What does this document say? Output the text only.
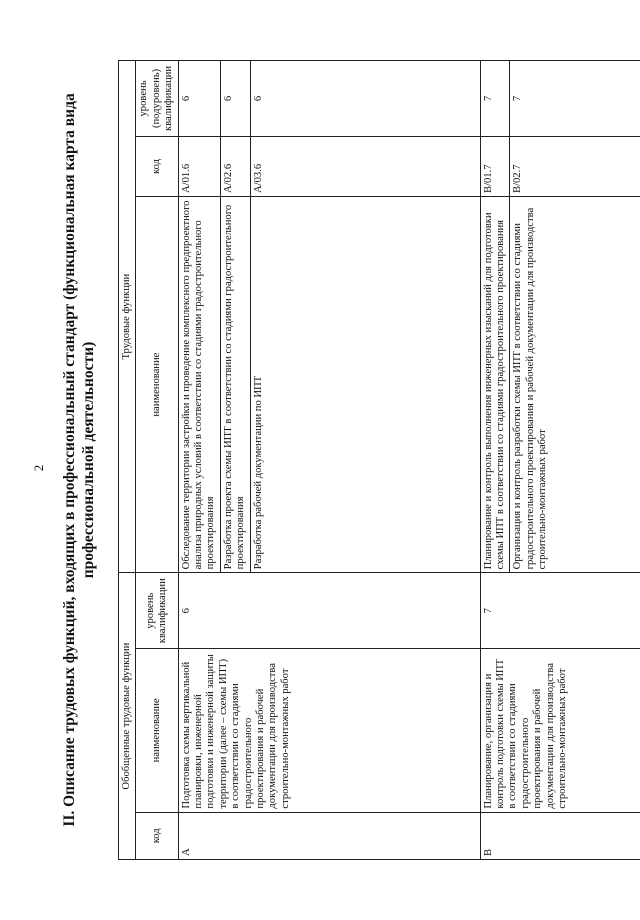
2 II. Описание трудовых функций, входящих в профессиональный стандарт (функциональная карта вида профессиональной деятельности)
Обобщенные трудовые функции			Трудовые функции		
код	наименование	уровень квалификации	наименование	код	уровень (подуровень) квалификации
A	Подготовка схемы вертикальной планировки, инженерной подготовки и инженерной защиты территории (далее – схемы ИПТ) в соответствии со стадиями градостроительного проектирования и рабочей документации для производства строительно-монтажных работ	6	Обследование территории застройки и проведение комплексного предпроектного анализа природных условий в соответствии со стадиями градостроительного проектирования	A/01.6	6
			Разработка проекта схемы ИПТ в соответствии со стадиями градостроительного проектирования	A/02.6	6
			Разработка рабочей документации по ИПТ	A/03.6	6
B	Планирование, организация и контроль подготовки схемы ИПТ в соответствии со стадиями градостроительного проектирования и рабочей документации для производства строительно-монтажных работ	7	Планирование и контроль выполнения инженерных изысканий для подготовки схемы ИПТ в соответствии со стадиями градостроительного проектирования	B/01.7	7
			Организация и контроль разработки схемы ИПТ в соответствии со стадиями градостроительного проектирования и рабочей документации для производства строительно-монтажных работ	B/02.7	7
